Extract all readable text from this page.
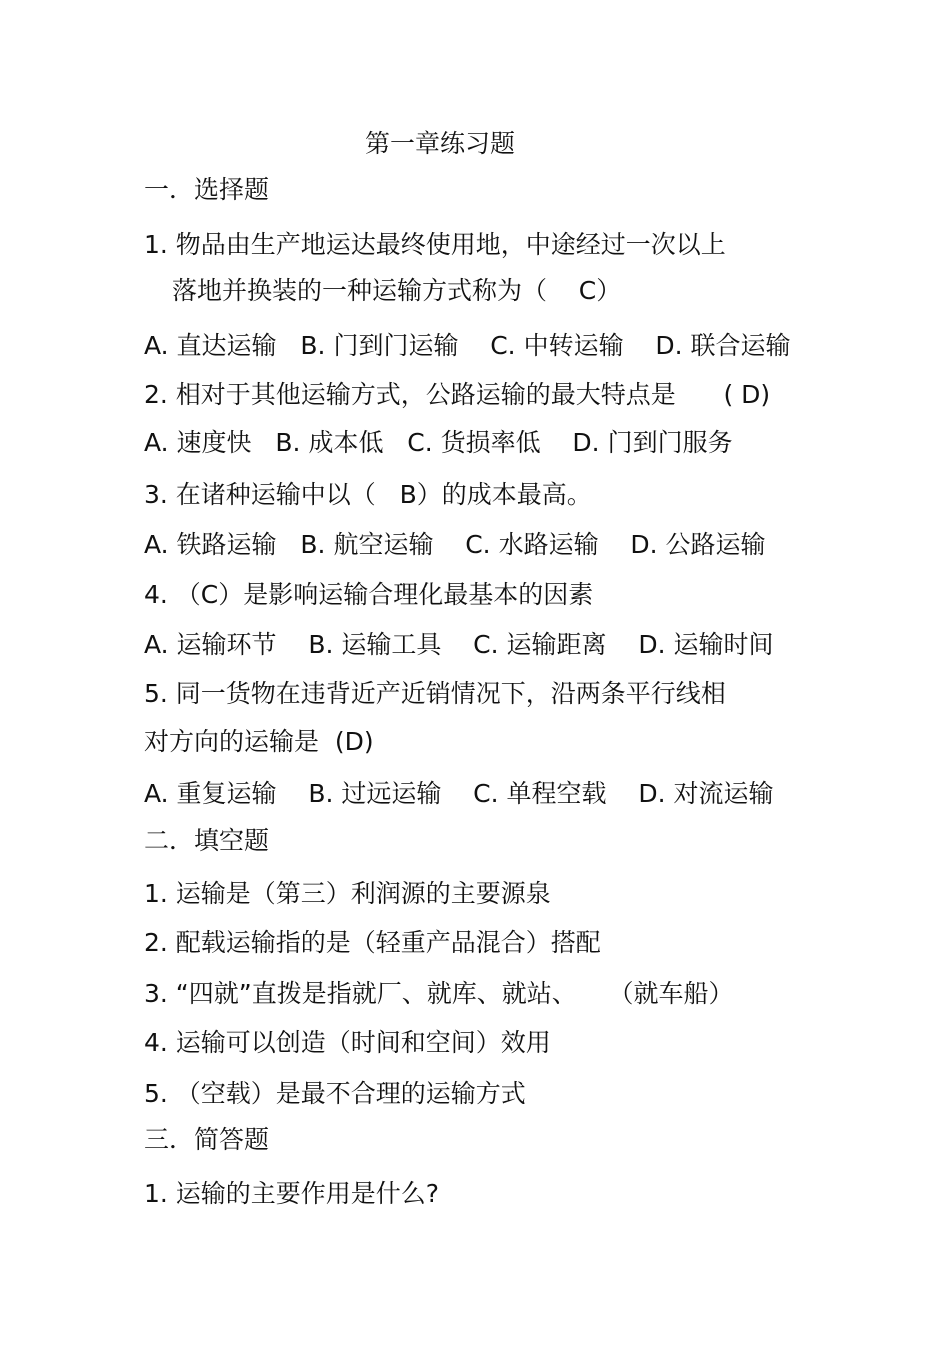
第一章练习题
一．选择题
1. 物品由生产地运达最终使用地，中途经过一次以上
落地并换装的一种运输方式称为（    C）
A. 直达运输   B. 门到门运输    C. 中转运输    D. 联合运输
2. 相对于其他运输方式，公路运输的最大特点是      ( D)
A. 速度快   B. 成本低   C. 货损率低    D. 门到门服务
3. 在诸种运输中以（   B）的成本最高。
A. 铁路运输   B. 航空运输    C. 水路运输    D. 公路运输
4. （C）是影响运输合理化最基本的因素
A. 运输环节    B. 运输工具    C. 运输距离    D. 运输时间
5. 同一货物在违背近产近销情况下，沿两条平行线相
对方向的运输是  (D)
A. 重复运输    B. 过远运输    C. 单程空载    D. 对流运输
二．填空题
1. 运输是（第三）利润源的主要源泉
2. 配载运输指的是（轻重产品混合）搭配
3. “四就”直拨是指就厂、就库、就站、    （就车船）
4. 运输可以创造（时间和空间）效用
5. （空载）是最不合理的运输方式
三．简答题
1. 运输的主要作用是什么?
